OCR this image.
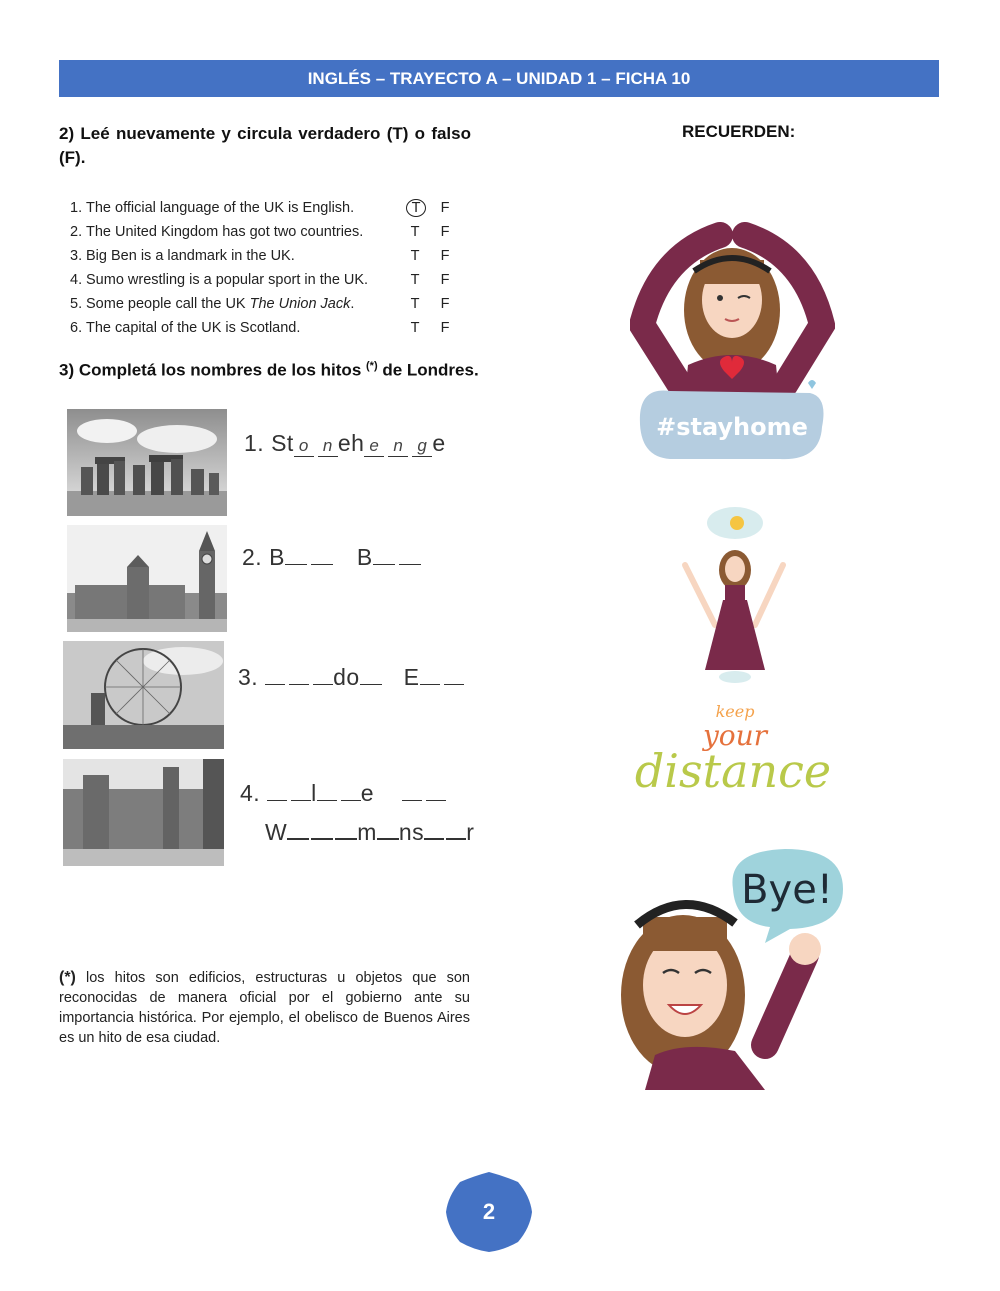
INGLÉS – TRAYECTO A – UNIDAD 1 – FICHA 10
2) Leé nuevamente y circula verdadero (T) o falso (F).
RECUERDEN:
1. The official language of the UK is English.	T	F
2. The United Kingdom has got two countries.	T	F
3. Big Ben is a landmark in the UK.	T	F
4. Sumo wrestling is a popular sport in the UK.	T	F
5. Some people call the UK The Union Jack.	T	F
6. The capital of the UK is Scotland.	T	F
3) Completá los nombres de los hitos (*) de Londres.
1. St o n eh e n g e
2. B	B
3.	do E
4. l e
W	m ns r
(*) los hitos son edificios, estructuras u objetos que son reconocidas de manera oficial por el gobierno ante su importancia histórica. Por ejemplo, el obelisco de Buenos Aires es un hito de esa ciudad.
#stayhome
keep
your
distance
Bye!
2
